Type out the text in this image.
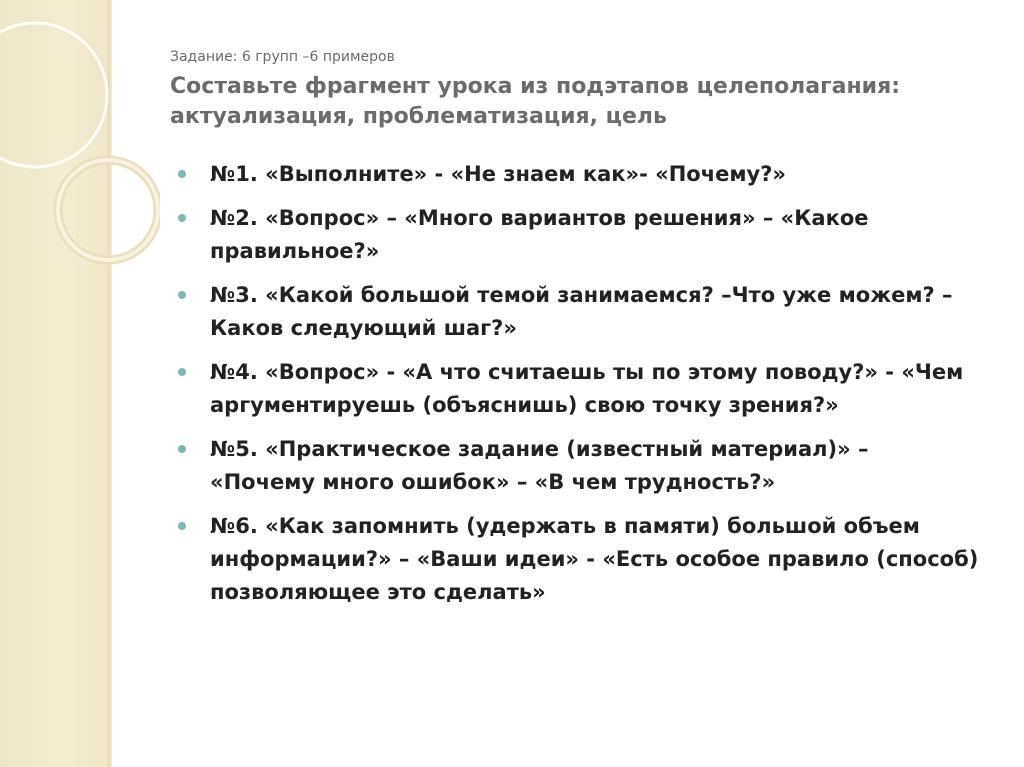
Задание: 6 групп –6 примеров

Составьте фрагмент урока из подэтапов целеполагания:
актуализация, проблематизация, цель
№1. «Выполните» - «Не знаем как»- «Почему?»
№2. «Вопрос» – «Много вариантов решения» – «Какое правильное?»
№3. «Какой большой темой занимаемся? –Что уже можем? – Каков следующий шаг?»
№4. «Вопрос» - «А что считаешь ты по этому поводу?» - «Чем аргументируешь (объяснишь) свою точку зрения?»
№5. «Практическое задание (известный материал)» – «Почему много ошибок» – «В чем трудность?»
№6. «Как запомнить (удержать в памяти) большой объем информации?» – «Ваши идеи» - «Есть особое правило (способ) позволяющее это сделать»
